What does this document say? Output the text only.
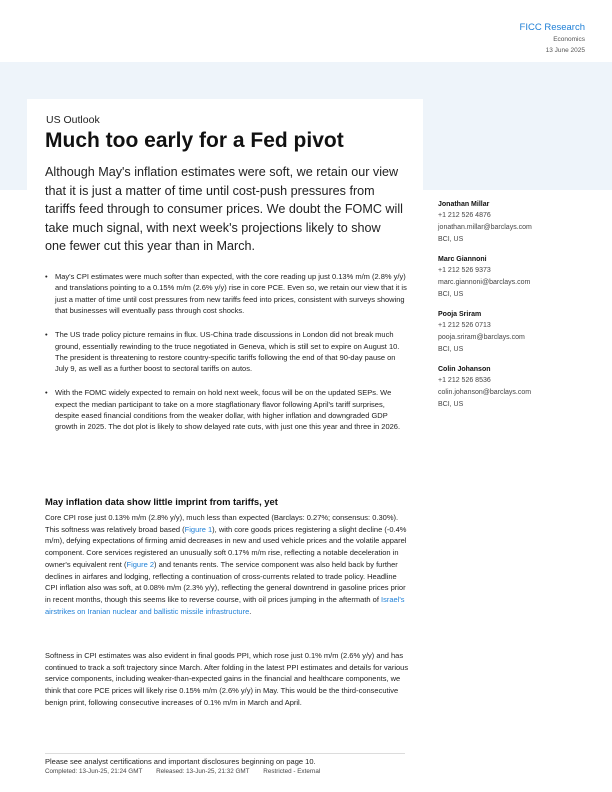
FICC Research
Economics
13 June 2025
US Outlook
Much too early for a Fed pivot

Although May's inflation estimates were soft, we retain our view that it is just a matter of time until cost-push pressures from tariffs feed through to consumer prices. We doubt the FOMC will take much signal, with next week's projections likely to show one fewer cut this year than in March.

• May's CPI estimates were much softer than expected, with the core reading up just 0.13% m/m (2.8% y/y) and translations pointing to a 0.15% m/m (2.6% y/y) rise in core PCE. Even so, we retain our view that it is just a matter of time until cost pressures from new tariffs feed into prices, consistent with surveys showing that businesses will eventually pass through cost shocks.
• The US trade policy picture remains in flux. US-China trade discussions in London did not break much ground, essentially rewinding to the truce negotiated in Geneva, which is still set to expire on August 10. The president is threatening to restore country-specific tariffs following the end of that 90-day pause on July 9, as well as a further boost to sectoral tariffs on autos.
• With the FOMC widely expected to remain on hold next week, focus will be on the updated SEPs. We expect the median participant to take on a more stagflationary flavor following April's tariff surprises, despite eased financial conditions from the weaker dollar, with higher inflation and downgraded GDP growth in 2025. The dot plot is likely to show delayed rate cuts, with just one this year and three in 2026.
May inflation data show little imprint from tariffs, yet

Core CPI rose just 0.13% m/m (2.8% y/y), much less than expected (Barclays: 0.27%; consensus: 0.30%). This softness was relatively broad based (Figure 1), with core goods prices registering a slight decline (-0.4% m/m), defying expectations of firming amid decreases in new and used vehicle prices and the volatile apparel component. Core services registered an unusually soft 0.17% m/m rise, reflecting a notable deceleration in owner's equivalent rent (Figure 2) and tenants rents. The service component was also held back by further declines in airfares and lodging, reflecting a continuation of cross-currents related to trade policy. Headline CPI inflation also was soft, at 0.08% m/m (2.3% y/y), reflecting the general downtrend in gasoline prices prior in recent months, though this seems like to reverse course, with oil prices jumping in the aftermath of Israel's airstrikes on Iranian nuclear and ballistic missile infrastructure.

Softness in CPI estimates was also evident in final goods PPI, which rose just 0.1% m/m (2.6% y/y) and has continued to track a soft trajectory since March. After folding in the latest PPI estimates and details for various service components, including weaker-than-expected gains in the financial and healthcare components, we think that core PCE prices will likely rise 0.15% m/m (2.6% y/y) in May. This would be the third-consecutive benign print, following consecutive increases of 0.1% m/m in March and April.

Jonathan Millar
+1 212 526 4876
jonathan.millar@barclays.com
BCI, US
Marc Giannoni
+1 212 526 9373
marc.giannoni@barclays.com
BCI, US
Pooja Sriram
+1 212 526 0713
pooja.sriram@barclays.com
BCI, US
Colin Johanson
+1 212 526 8536
colin.johanson@barclays.com
BCI, US
Please see analyst certifications and important disclosures beginning on page 10.
Completed: 13-Jun-25, 21:24 GMT Released: 13-Jun-25, 21:32 GMT Restricted - External
